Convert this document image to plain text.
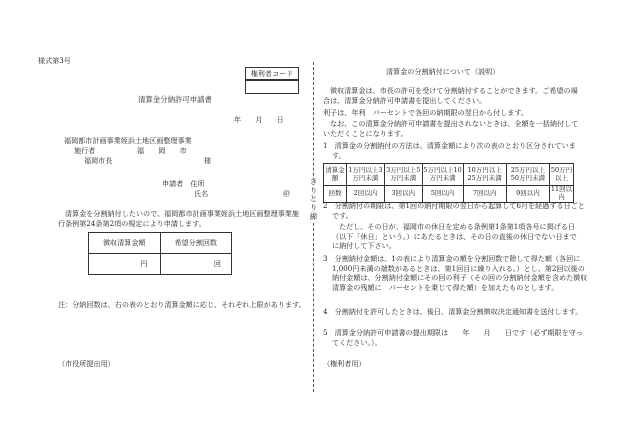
様式第3号
権利者コード
清算金分納許可申請書
年　　月　　日
福岡都市計画事業姪浜土地区画整理事業
施行者	福　　岡　　市
福岡市長	様
申請者　住所
氏名	㊞
清算金を分割納付したいので、福岡都市計画事業姪浜土地区画整理事業施行条例第24条第2項の規定により申請します。
徴収清算金額	希望分割回数
円	回
注：分納回数は、右の表のとおり清算金額に応じ、それぞれ上限があります。
（市役所提出用）
き
り
と
り
線
清算金の分割納付について（説明）
徴収清算金は、市長の許可を受けて分割納付することができます。ご希望の場合は、清算金分納許可申請書を提出してください。
利子は、年利　パーセントで各回の納期限の翌日から付します。
なお、この清算金分納許可申請書を提出されないときは、全額を一括納付していただくことになります。
1　清算金の分割納付の方法は、清算金額により次の表のとおり区分されています。
清算金額	1万円以上3万円未満	3万円以上5万円未満	5万円以上10万円未満	10万円以上25万円未満	25万円以上50万円未満	50万円以上
回数	2回以内	3回以内	5回以内	7回以内	9回以内	11回以内
2　分割納付の期限は、第1回の納付期限の翌日から起算して6月を経過する日ごとです。
ただし、その日が、福岡市の休日を定める条例第1条第1項各号に掲げる日（以下「休日」という。）にあたるときは、その日の直後の休日でない日までに納付して下さい。
3　分割納付金額は、1の表により清算金の額を分割回数で除して得た額（各回に1,000円未満の端数があるときは、第1回目に繰り入れる。）とし、第2回以後の納付金額は、分割納付金額にその回の利子（その回の分割納付金額を含めた徴収清算金の残額に　パーセントを乗じて得た額）を加えたものとします。
4　分割納付を許可したときは、後日、清算金分割徴収決定通知書を送付します。
5　清算金分納許可申請書の提出期限は　　年　　月　　日です（必ず期限を守ってください。）。
（権利者用）
